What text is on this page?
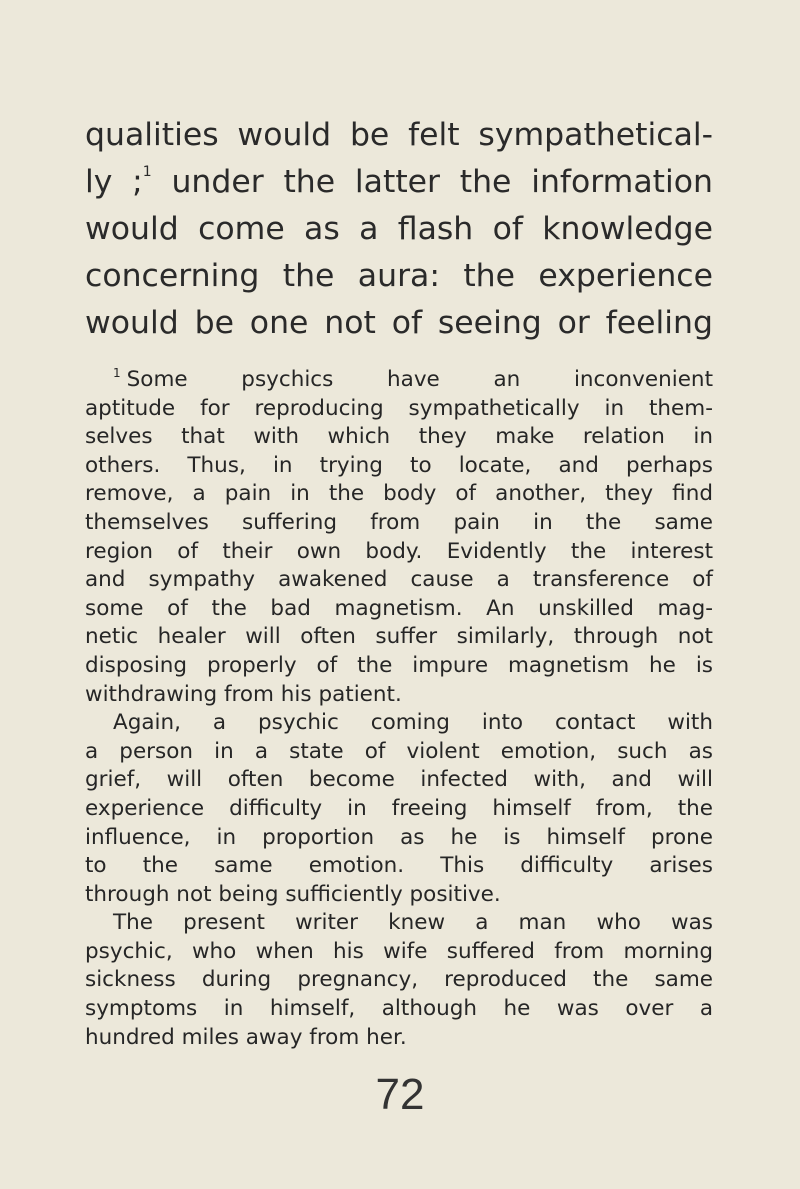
qualities would be felt sympathetical-
ly ;$^1$ under the latter the information
would come as a flash of knowledge
concerning the aura: the experience
would be one not of seeing or feeling
$^1$ Some psychics have an inconvenient
aptitude for reproducing sympathetically in them-
selves that with which they make relation in
others. Thus, in trying to locate, and perhaps
remove, a pain in the body of another, they find
themselves suffering from pain in the same
region of their own body. Evidently the interest
and sympathy awakened cause a transference of
some of the bad magnetism. An unskilled mag-
netic healer will often suffer similarly, through not
disposing properly of the impure magnetism he is
withdrawing from his patient.
Again, a psychic coming into contact with
a person in a state of violent emotion, such as
grief, will often become infected with, and will
experience difficulty in freeing himself from, the
influence, in proportion as he is himself prone
to the same emotion. This difficulty arises
through not being sufficiently positive.
The present writer knew a man who was
psychic, who when his wife suffered from morning
sickness during pregnancy, reproduced the same
symptoms in himself, although he was over a
hundred miles away from her.
72
